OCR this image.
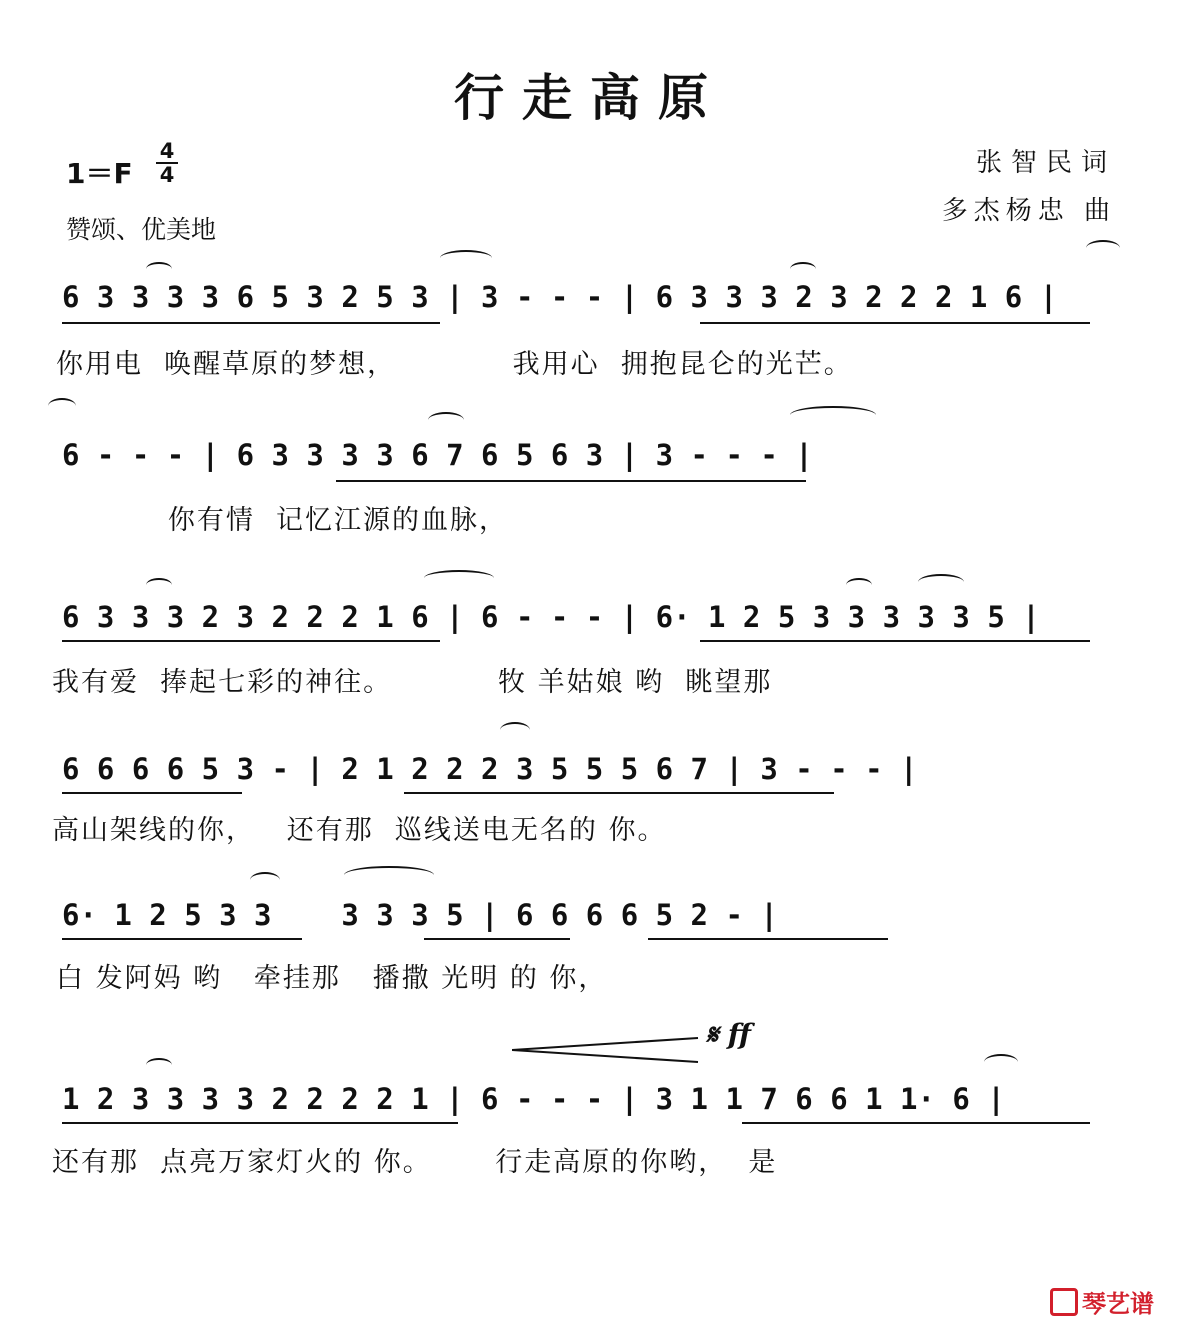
行走高原
1＝F
4
4
赞颂、优美地
张智民词
多杰杨忠 曲
6 3 3 3 3 6 5 3 2 5 3 | 3 - - - | 6 3 3 3 2 3 2 2 2 1 6 |
你用电  唤醒草原的梦想，           我用心  拥抱昆仑的光芒。
6 - - - | 6 3 3 3 3 6 7 6 5 6 3 | 3 - - - |
你有情  记忆江源的血脉，
6 3 3 3 2 3 2 2 2 1 6 | 6 - - - | 6· 1 2 5 3 3 3 3 3 5 |
我有爱  捧起七彩的神往。          牧 羊姑娘 哟  眺望那
6 6 6 6 5 3 - | 2 1 2 2 2 3 5 5 5 6 7 | 3 - - - |
高山架线的你，   还有那  巡线送电无名的 你。
6· 1 2 5 3 3    3 3 3 5 | 6 6 6 6 5 2 - |
白 发阿妈 哟   牵挂那   播撒 光明 的 你，
𝄋 ff
1 2 3 3 3 3 2 2 2 2 1 | 6 - - - | 3 1 1 7 6 6 1 1· 6 |
还有那  点亮万家灯火的 你。      行走高原的你哟，  是
琴艺谱
